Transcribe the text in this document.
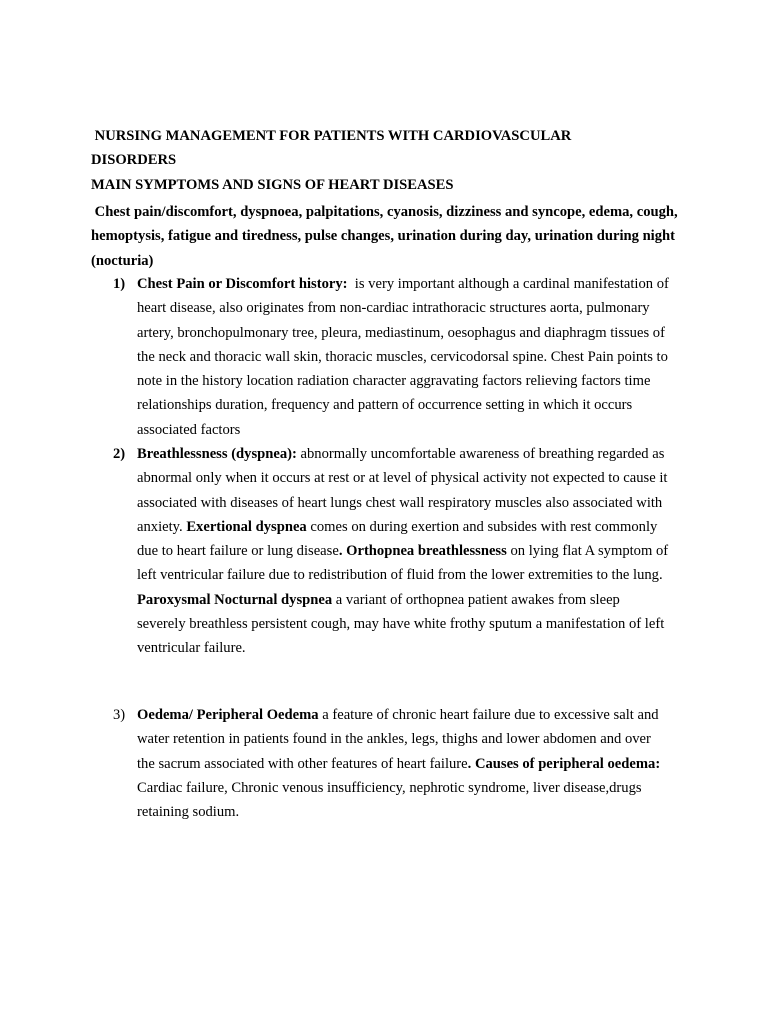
NURSING MANAGEMENT FOR PATIENTS WITH CARDIOVASCULAR
DISORDERS
MAIN SYMPTOMS AND SIGNS OF HEART DISEASES
Chest pain/discomfort, dyspnoea, palpitations, cyanosis, dizziness and syncope, edema, cough, hemoptysis, fatigue and tiredness, pulse changes, urination during day, urination during night (nocturia)
1) Chest Pain or Discomfort history:  is very important although a cardinal manifestation of heart disease, also originates from non-cardiac intrathoracic structures aorta, pulmonary artery, bronchopulmonary tree, pleura, mediastinum, oesophagus and diaphragm tissues of the neck and thoracic wall skin, thoracic muscles, cervicodorsal spine. Chest Pain points to note in the history location radiation character aggravating factors relieving factors time relationships duration, frequency and pattern of occurrence setting in which it occurs associated factors
2) Breathlessness (dyspnea): abnormally uncomfortable awareness of breathing regarded as abnormal only when it occurs at rest or at level of physical activity not expected to cause it associated with diseases of heart lungs chest wall respiratory muscles also associated with anxiety. Exertional dyspnea comes on during exertion and subsides with rest commonly due to heart failure or lung disease. Orthopnea breathlessness on lying flat A symptom of left ventricular failure due to redistribution of fluid from the lower extremities to the lung. Paroxysmal Nocturnal dyspnea a variant of orthopnea patient awakes from sleep severely breathless persistent cough, may have white frothy sputum a manifestation of left ventricular failure.
3) Oedema/ Peripheral Oedema a feature of chronic heart failure due to excessive salt and water retention in patients found in the ankles, legs, thighs and lower abdomen and over the sacrum associated with other features of heart failure. Causes of peripheral oedema:  Cardiac failure, Chronic venous insufficiency, nephrotic syndrome, liver disease,drugs retaining sodium.
